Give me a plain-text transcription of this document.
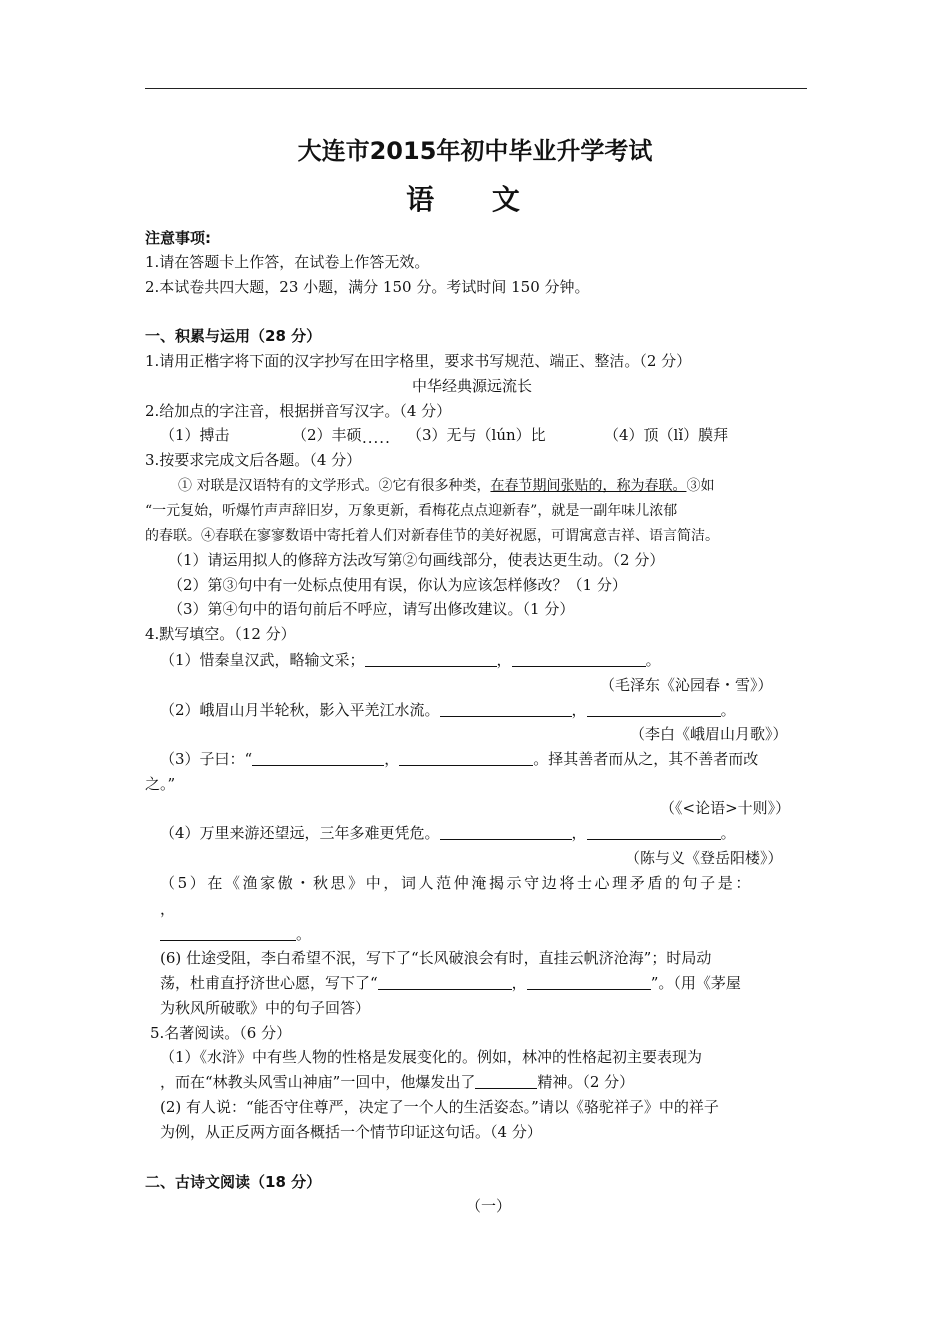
大连市2015年初中毕业升学考试
语 文
注意事项:
1.请在答题卡上作答，在试卷上作答无效。
2.本试卷共四大题，23 小题，满分 150 分。考试时间 150 分钟。
一、积累与运用（28 分）
1.请用正楷字将下面的汉字抄写在田字格里，要求书写规范、端正、整洁。（2 分）
中华经典源远流长
2.给加点的字注音，根据拼音写汉字。（4 分）
（1）搏击	（2）丰硕 ····· （3）无与（lún）比	（4）顶（lǐ）膜拜
3.按要求完成文后各题。（4 分）
① 对联是汉语特有的文学形式。②它有很多种类，在春节期间张贴的，称为春联。③如
“一元复始，听爆竹声声辞旧岁，万象更新，看梅花点点迎新春”，就是一副年味儿浓郁
的春联。④春联在寥寥数语中寄托着人们对新春佳节的美好祝愿，可谓寓意吉祥、语言简洁。
（1）请运用拟人的修辞方法改写第②句画线部分，使表达更生动。（2 分）
（2）第③句中有一处标点使用有误，你认为应该怎样修改？（1 分）
（3）第④句中的语句前后不呼应，请写出修改建议。（1 分）
4.默写填空。（12 分）
（1）惜秦皇汉武，略输文采；	，	。
（毛泽东《沁园春・雪》）
（2）峨眉山月半轮秋，影入平羌江水流。	，	。
（李白《峨眉山月歌》）
（3）子曰：“	，	。择其善者而从之，其不善者而改
之。”
（《<论语>十则》）
（4）万里来游还望远，三年多难更凭危。	，	。
（陈与义《登岳阳楼》）
（5）在《渔家傲・秋思》中，词人范仲淹揭示守边将士心理矛盾的句子是：
，
。
(6) 仕途受阻，李白希望不泯，写下了“长风破浪会有时，直挂云帆济沧海”；时局动
荡，杜甫直抒济世心愿，写下了“	，	”。（用《茅屋
为秋风所破歌》中的句子回答）
5.名著阅读。（6 分）
（1）《水浒》中有些人物的性格是发展变化的。例如，林冲的性格起初主要表现为
，而在“林教头风雪山神庙”一回中，他爆发出了	精神。（2 分）
(2) 有人说：“能否守住尊严，决定了一个人的生活姿态。”请以《骆驼祥子》中的祥子
为例，从正反两方面各概括一个情节印证这句话。（4 分）
二、古诗文阅读（18 分）
（一）
